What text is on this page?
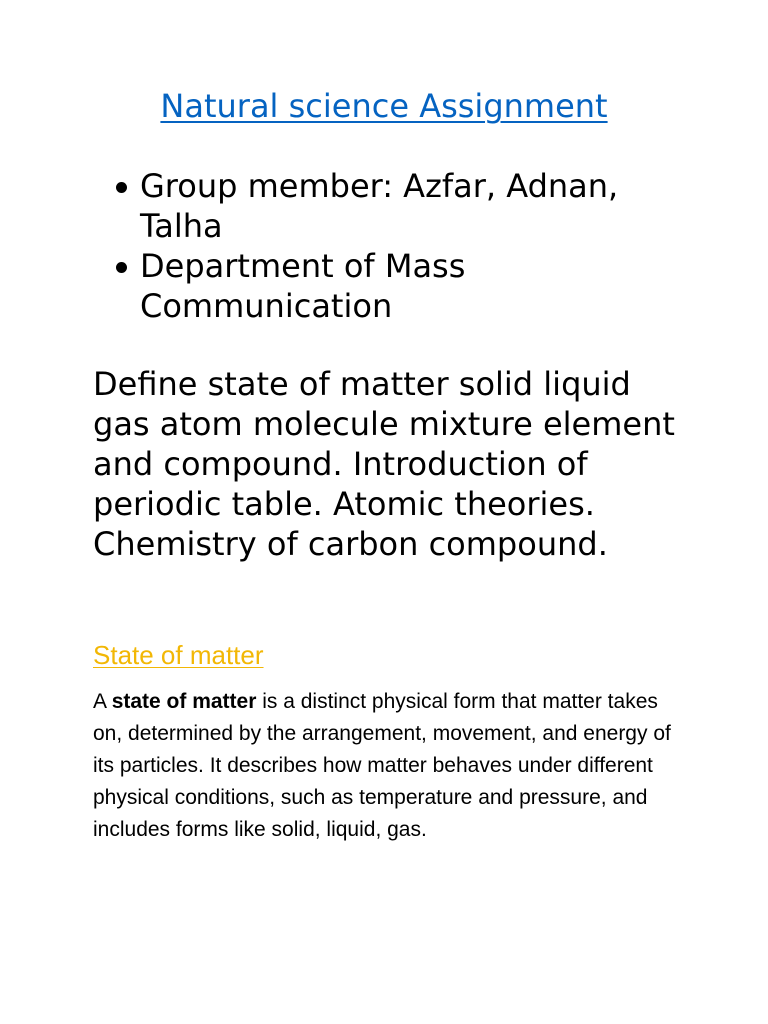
Natural science Assignment
Group member: Azfar, Adnan, Talha
Department of Mass Communication

Define state of matter solid liquid gas atom molecule mixture element and compound. Introduction of periodic table. Atomic theories. Chemistry of carbon compound.

State of matter

A state of matter is a distinct physical form that matter takes on, determined by the arrangement, movement, and energy of its particles. It describes how matter behaves under different physical conditions, such as temperature and pressure, and includes forms like solid, liquid, gas.
